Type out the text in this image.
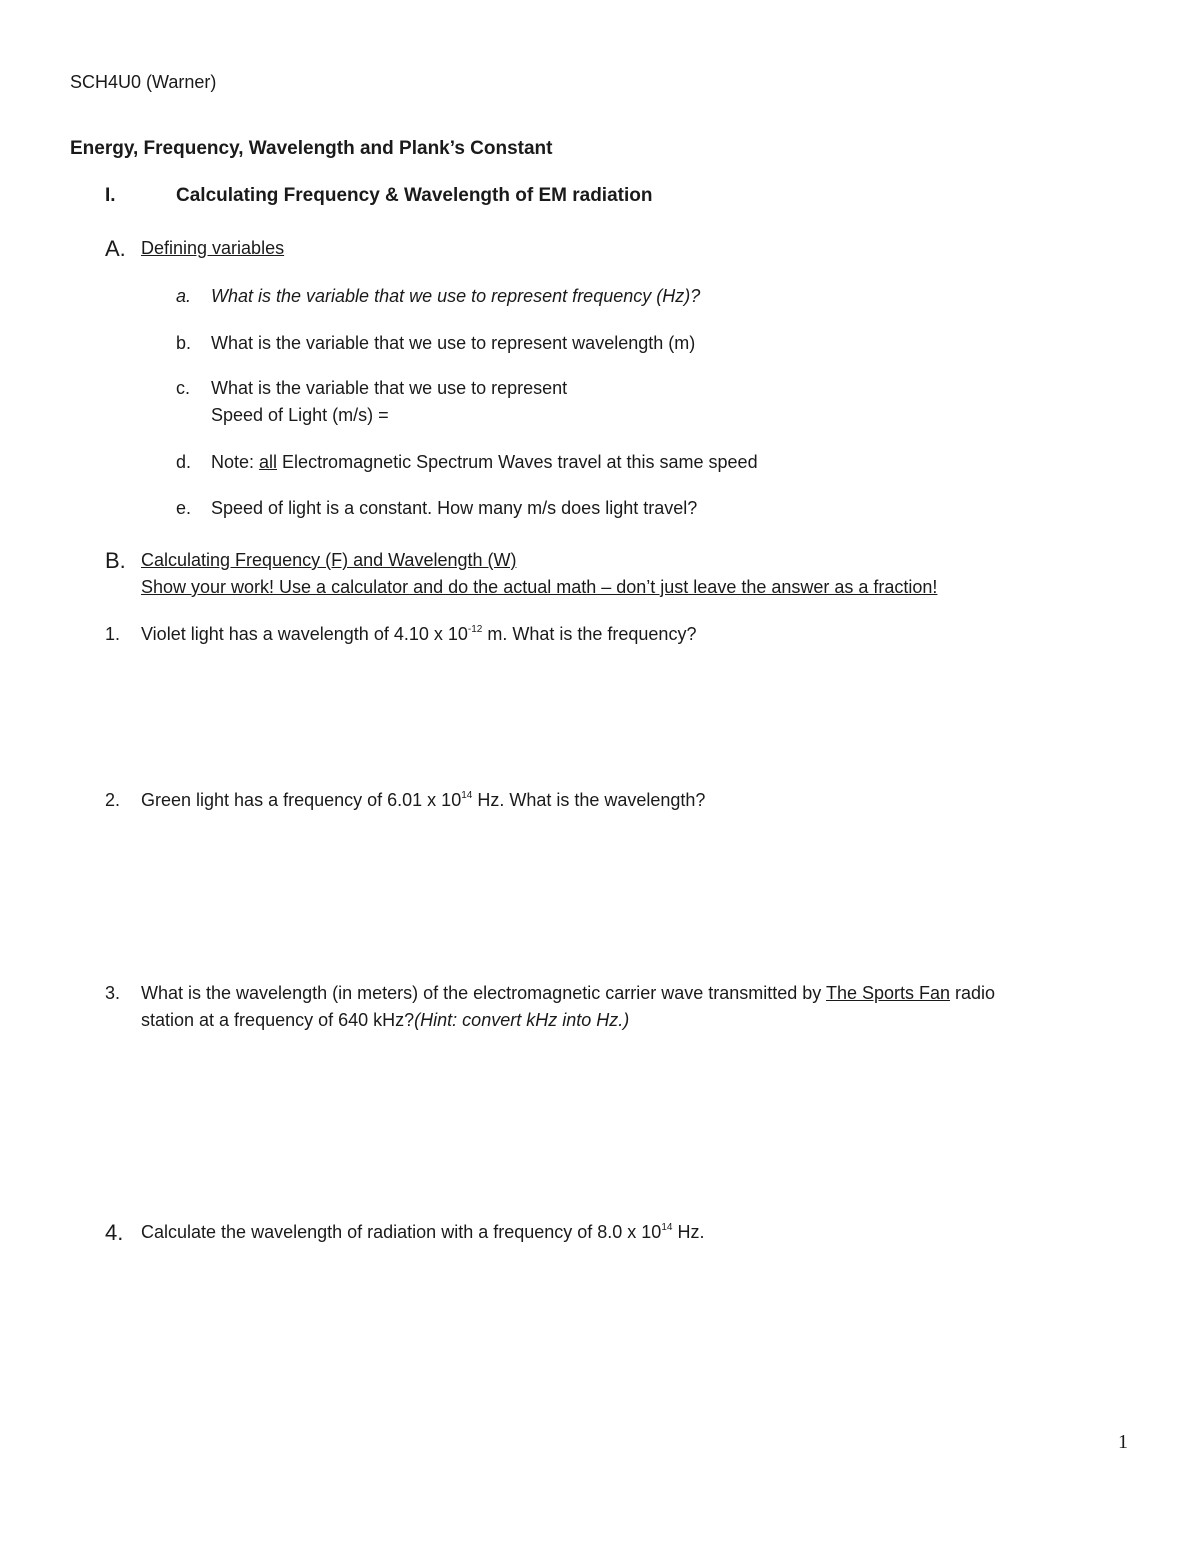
SCH4U0 (Warner)
Energy, Frequency, Wavelength and Plank’s Constant
I.	Calculating Frequency & Wavelength of EM radiation
A. Defining variables
a. What is the variable that we use to represent frequency (Hz)?
b. What is the variable that we use to represent wavelength (m)
c. What is the variable that we use to represent
Speed of Light (m/s) =
d. Note: all Electromagnetic Spectrum Waves travel at this same speed
e. Speed of light is a constant. How many m/s does light travel?
B. Calculating Frequency (F) and Wavelength (W)
Show your work! Use a calculator and do the actual math – don’t just leave the answer as a fraction!
1. Violet light has a wavelength of 4.10 x $10^{-12}$ m. What is the frequency?
2. Green light has a frequency of 6.01 x $10^{14}$ Hz. What is the wavelength?
3. What is the wavelength (in meters) of the electromagnetic carrier wave transmitted by The Sports Fan radio
station at a frequency of 640 kHz?(Hint: convert kHz into Hz.)
4. Calculate the wavelength of radiation with a frequency of 8.0 x $10^{14}$ Hz.
1
